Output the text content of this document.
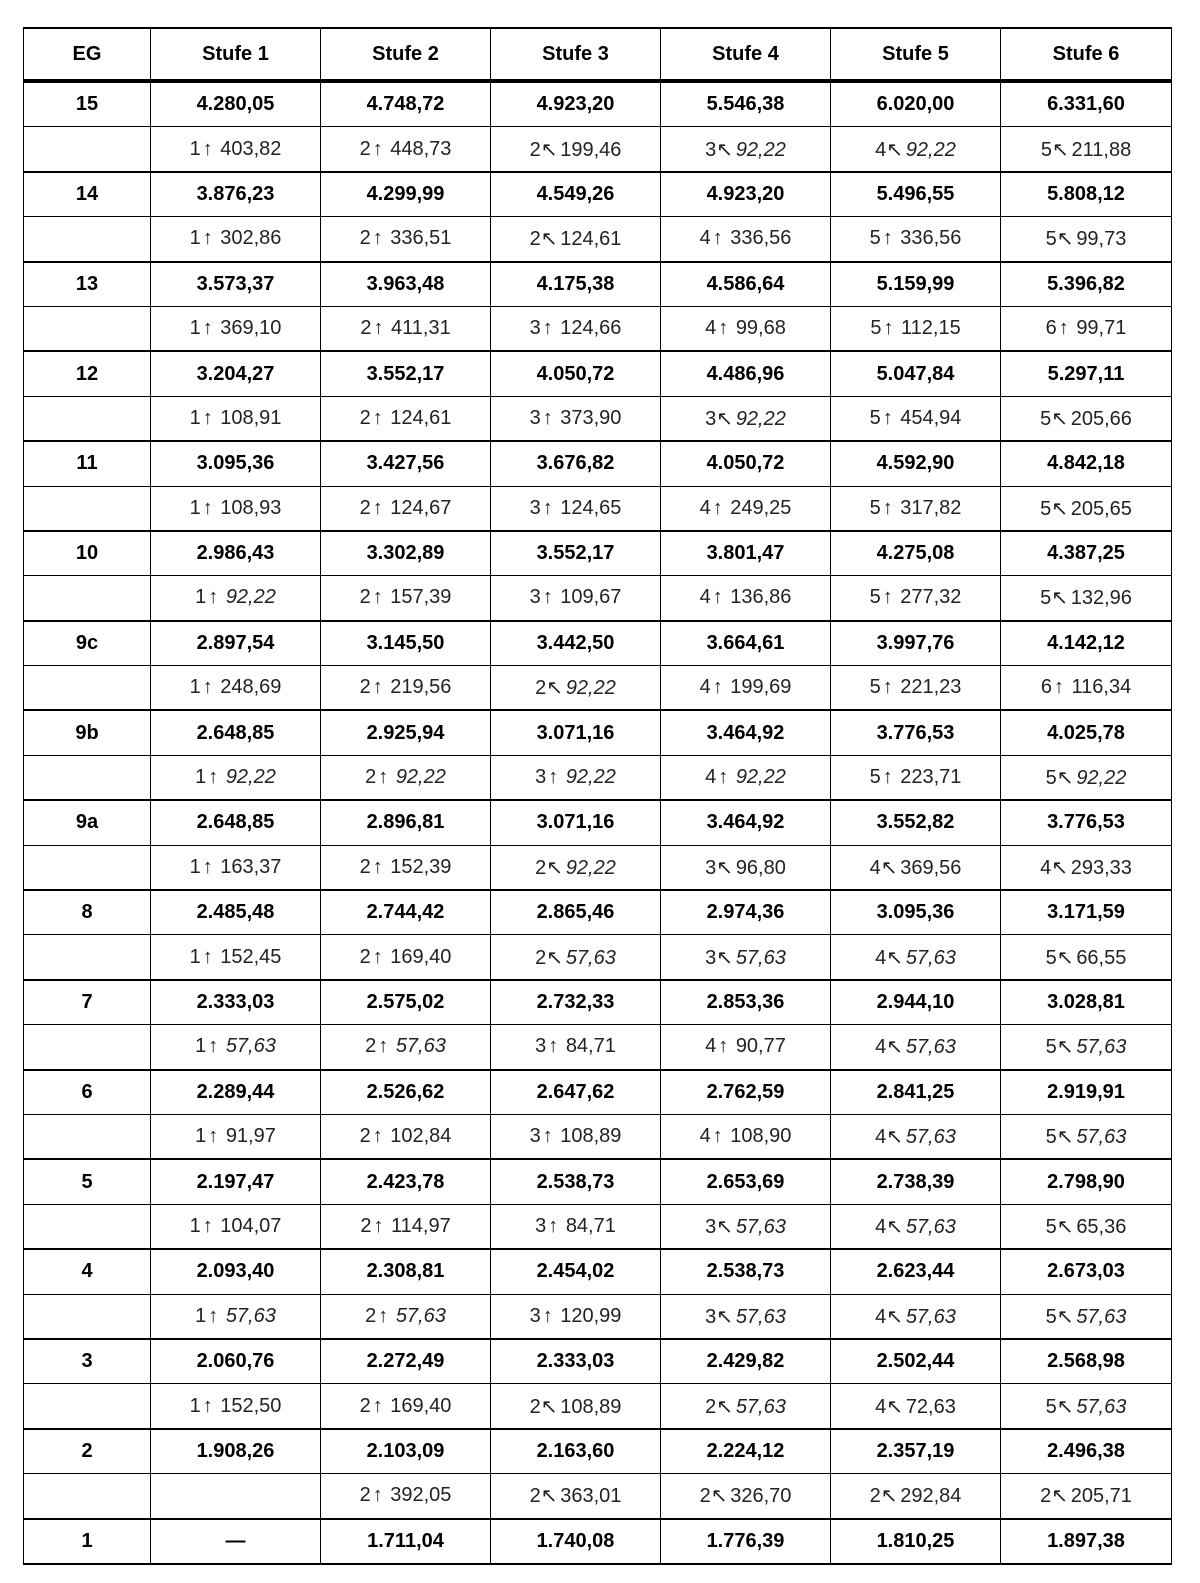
EG	Stufe 1	Stufe 2	Stufe 3	Stufe 4	Stufe 5	Stufe 6
15	4.280,05	4.748,72	4.923,20	5.546,38	6.020,00	6.331,60
	1 ↑ 403,82	2 ↑ 448,73	2↖ 199,46	3↖ 92,22	4↖ 92,22	5↖ 211,88
14	3.876,23	4.299,99	4.549,26	4.923,20	5.496,55	5.808,12
	1 ↑ 302,86	2 ↑ 336,51	2↖ 124,61	4 ↑ 336,56	5 ↑ 336,56	5↖ 99,73
13	3.573,37	3.963,48	4.175,38	4.586,64	5.159,99	5.396,82
	1 ↑ 369,10	2 ↑ 411,31	3 ↑ 124,66	4 ↑ 99,68	5 ↑ 112,15	6 ↑ 99,71
12	3.204,27	3.552,17	4.050,72	4.486,96	5.047,84	5.297,11
	1 ↑ 108,91	2 ↑ 124,61	3 ↑ 373,90	3↖ 92,22	5 ↑ 454,94	5↖ 205,66
11	3.095,36	3.427,56	3.676,82	4.050,72	4.592,90	4.842,18
	1 ↑ 108,93	2 ↑ 124,67	3 ↑ 124,65	4 ↑ 249,25	5 ↑ 317,82	5↖ 205,65
10	2.986,43	3.302,89	3.552,17	3.801,47	4.275,08	4.387,25
	1 ↑ 92,22	2 ↑ 157,39	3 ↑ 109,67	4 ↑ 136,86	5 ↑ 277,32	5↖ 132,96
9c	2.897,54	3.145,50	3.442,50	3.664,61	3.997,76	4.142,12
	1 ↑ 248,69	2 ↑ 219,56	2↖ 92,22	4 ↑ 199,69	5 ↑ 221,23	6 ↑ 116,34
9b	2.648,85	2.925,94	3.071,16	3.464,92	3.776,53	4.025,78
	1 ↑ 92,22	2 ↑ 92,22	3 ↑ 92,22	4 ↑ 92,22	5 ↑ 223,71	5↖ 92,22
9a	2.648,85	2.896,81	3.071,16	3.464,92	3.552,82	3.776,53
	1 ↑ 163,37	2 ↑ 152,39	2↖ 92,22	3↖ 96,80	4↖ 369,56	4↖ 293,33
8	2.485,48	2.744,42	2.865,46	2.974,36	3.095,36	3.171,59
	1 ↑ 152,45	2 ↑ 169,40	2↖ 57,63	3↖ 57,63	4↖ 57,63	5↖ 66,55
7	2.333,03	2.575,02	2.732,33	2.853,36	2.944,10	3.028,81
	1 ↑ 57,63	2 ↑ 57,63	3 ↑ 84,71	4 ↑ 90,77	4↖ 57,63	5↖ 57,63
6	2.289,44	2.526,62	2.647,62	2.762,59	2.841,25	2.919,91
	1 ↑ 91,97	2 ↑ 102,84	3 ↑ 108,89	4 ↑ 108,90	4↖ 57,63	5↖ 57,63
5	2.197,47	2.423,78	2.538,73	2.653,69	2.738,39	2.798,90
	1 ↑ 104,07	2 ↑ 114,97	3 ↑ 84,71	3↖ 57,63	4↖ 57,63	5↖ 65,36
4	2.093,40	2.308,81	2.454,02	2.538,73	2.623,44	2.673,03
	1 ↑ 57,63	2 ↑ 57,63	3 ↑ 120,99	3↖ 57,63	4↖ 57,63	5↖ 57,63
3	2.060,76	2.272,49	2.333,03	2.429,82	2.502,44	2.568,98
	1 ↑ 152,50	2 ↑ 169,40	2↖ 108,89	2↖ 57,63	4↖ 72,63	5↖ 57,63
2	1.908,26	2.103,09	2.163,60	2.224,12	2.357,19	2.496,38
		2 ↑ 392,05	2↖ 363,01	2↖ 326,70	2↖ 292,84	2↖ 205,71
1	—	1.711,04	1.740,08	1.776,39	1.810,25	1.897,38
